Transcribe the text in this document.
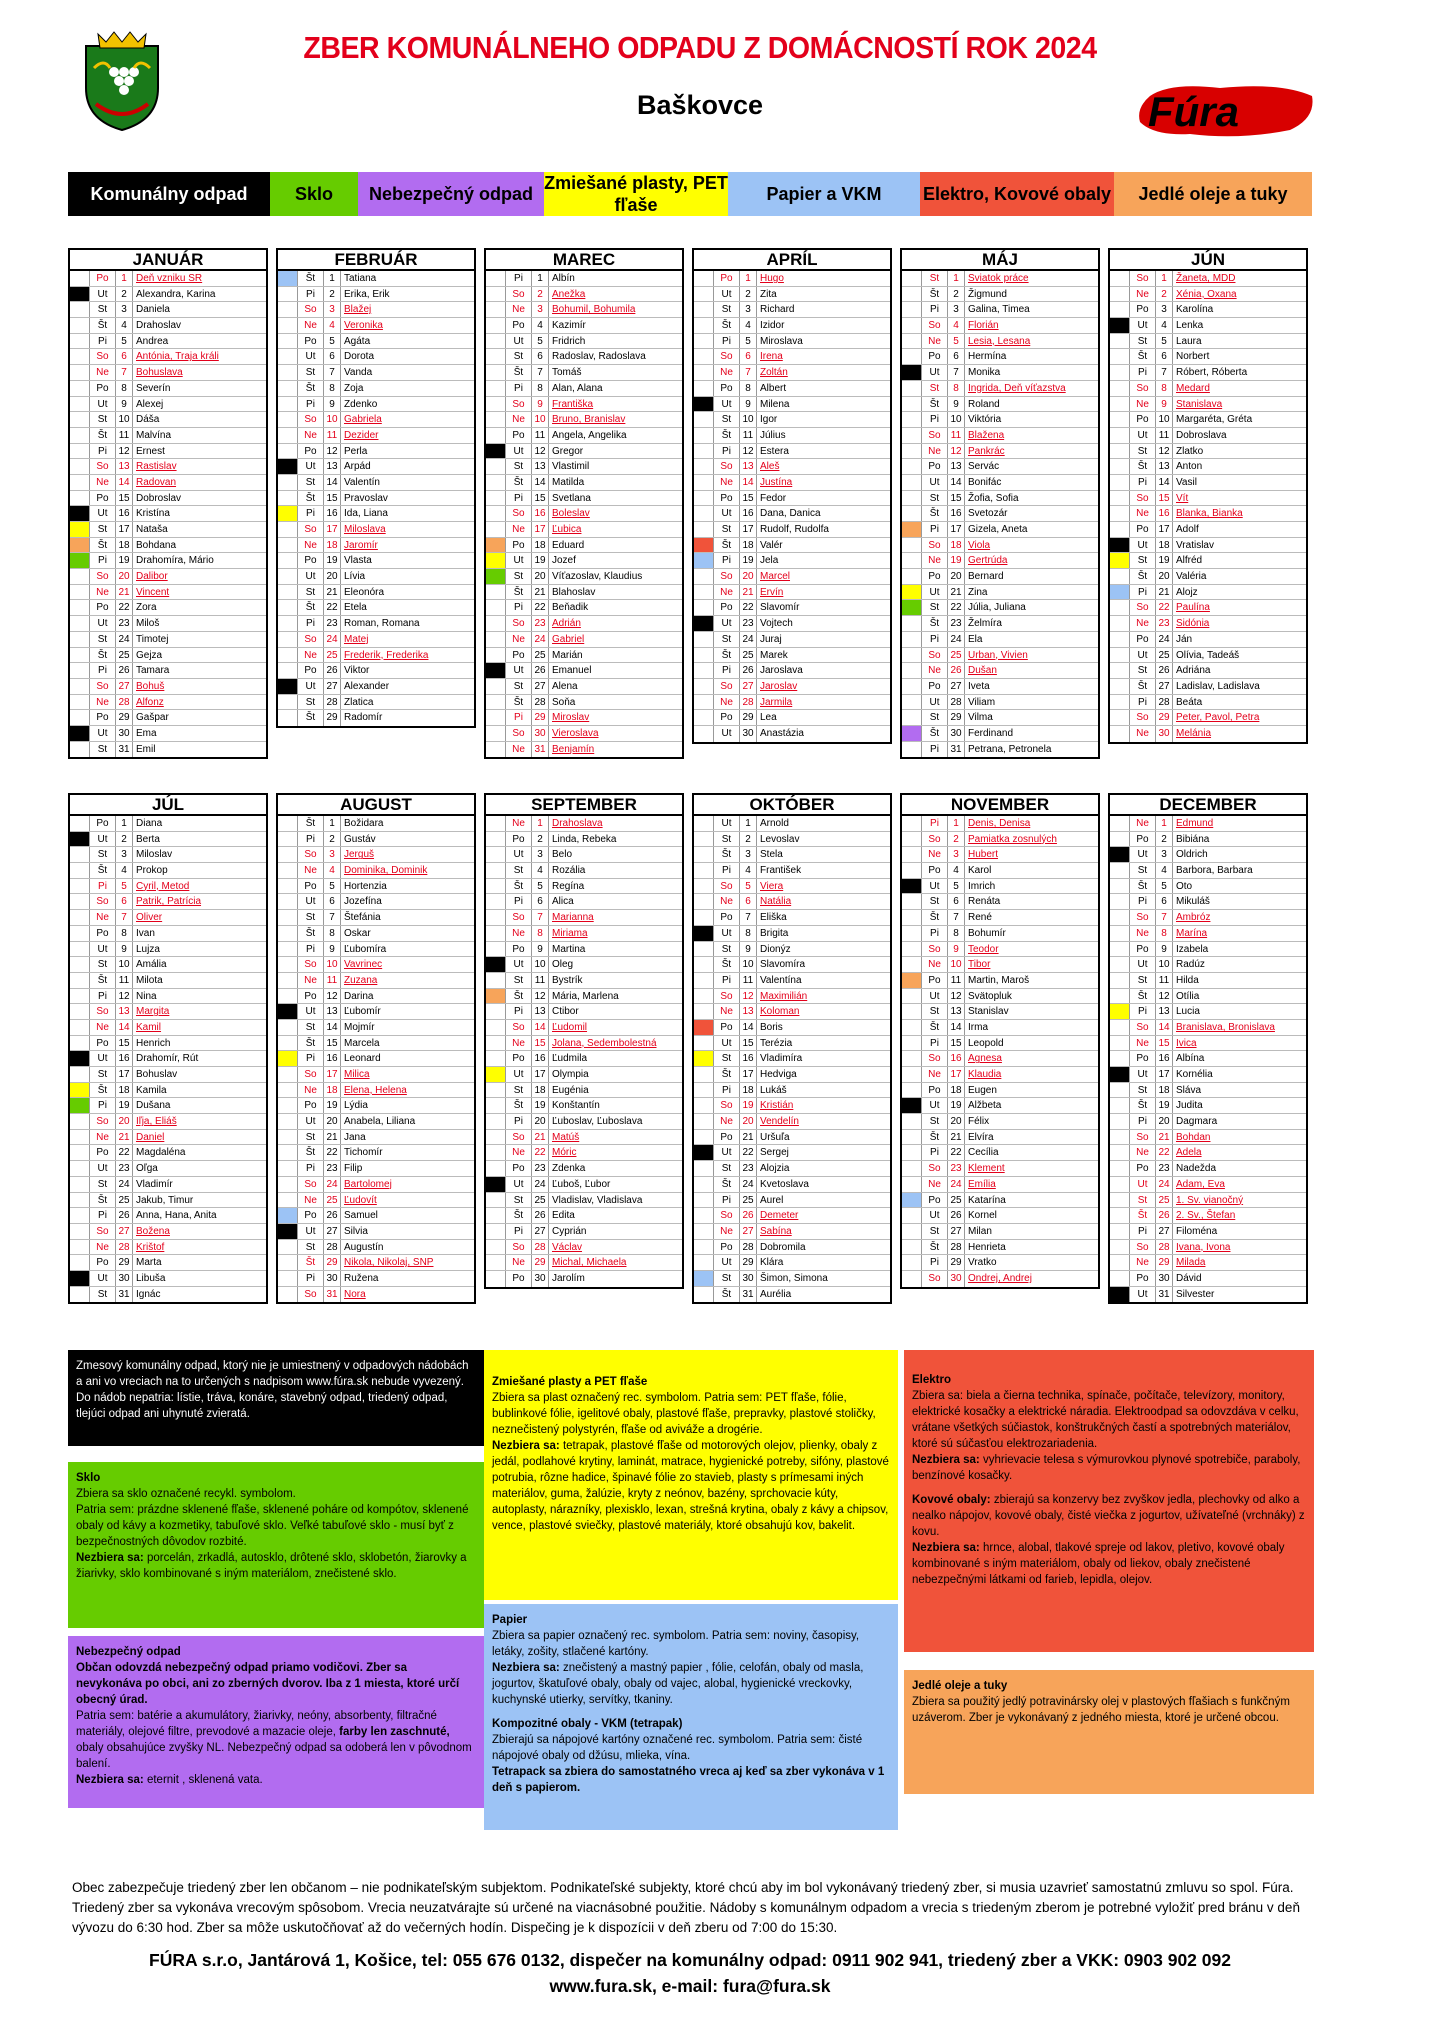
ZBER KOMUNÁLNEHO ODPADU Z DOMÁCNOSTÍ ROK 2024
Baškovce	Fúra
Komunálny odpad	Sklo	Nebezpečný odpad
Zmiešané plasty, PET fľaše
Papier a VKM	Elektro, Kovové obaly	Jedlé oleje a tuky
JANUÁR
Po	1 Deň vzniku SR
Ut	2 Alexandra, Karina
St	3 Daniela
Št	4 Drahoslav
Pi	5 Andrea
So	6 Antónia, Traja králi
Ne	7 Bohuslava
Po	8 Severín
Ut	9 Alexej
St	10 Dáša
Št	11 Malvína
Pi	12 Ernest
So 13 Rastislav
Ne 14 Radovan
Po 15 Dobroslav
Ut	16 Kristína
St	17 Nataša
Št	18 Bohdana
Pi	19 Drahomíra, Mário
So 20 Dalibor
Ne 21 Vincent
Po 22 Zora
Ut	23 Miloš
St	24 Timotej
Št	25 Gejza
Pi	26 Tamara
So 27 Bohuš
Ne 28 Alfonz
Po 29 Gašpar
Ut	30 Ema
St	31 Emil
FEBRUÁR
Št	1 Tatiana
Pi	2 Erika, Erik
So	3 Blažej
Ne	4 Veronika
Po	5 Agáta
Ut	6 Dorota
St	7 Vanda
Št	8 Zoja
Pi	9 Zdenko
So 10 Gabriela
Ne 11 Dezider
Po 12 Perla
Ut	13 Arpád
St	14 Valentín
Št	15 Pravoslav
Pi	16 Ida, Liana
So 17 Miloslava
Ne 18 Jaromír
Po 19 Vlasta
Ut	20 Lívia
St	21 Eleonóra
Št	22 Etela
Pi	23 Roman, Romana
So 24 Matej
Ne 25 Frederik, Frederika
Po 26 Viktor
Ut	27 Alexander
St	28 Zlatica
Št	29 Radomír
MAREC
Pi	1 Albín
So	2 Anežka
Ne	3 Bohumil, Bohumila
Po	4 Kazimír
Ut	5 Fridrich
St	6 Radoslav, Radoslava
Št	7 Tomáš
Pi	8 Alan, Alana
So	9 Františka
Ne 10 Bruno, Branislav
Po	11 Angela, Angelika
Ut	12 Gregor
St	13 Vlastimil
Št	14 Matilda
Pi	15 Svetlana
So 16 Boleslav
Ne 17 Ľubica
Po 18 Eduard
Ut	19 Jozef
St	20 Víťazoslav, Klaudius
Št	21 Blahoslav
Pi	22 Beňadik
So 23 Adrián
Ne 24 Gabriel
Po 25 Marián
Ut	26 Emanuel
St	27 Alena
Št	28 Soňa
Pi	29 Miroslav
So 30 Vieroslava
Ne 31 Benjamín
APRÍL
Po	1 Hugo
Ut	2 Zita
St	3 Richard
Št	4 Izidor
Pi	5 Miroslava
So	6 Irena
Ne	7 Zoltán
Po	8 Albert
Ut	9 Milena
St	10 Igor
Št	11 Július
Pi	12 Estera
So 13 Aleš
Ne 14 Justína
Po 15 Fedor
Ut	16 Dana, Danica
St	17 Rudolf, Rudolfa
Št	18 Valér
Pi	19 Jela
So 20 Marcel
Ne 21 Ervín
Po 22 Slavomír
Ut	23 Vojtech
St	24 Juraj
Št	25 Marek
Pi	26 Jaroslava
So 27 Jaroslav
Ne 28 Jarmila
Po 29 Lea
Ut	30 Anastázia
MÁJ
St	1 Sviatok práce
Št	2 Žigmund
Pi	3 Galina, Timea
So	4 Florián
Ne	5 Lesia, Lesana
Po	6 Hermína
Ut	7 Monika
St	8 Ingrida, Deň víťazstva
Št	9 Roland
Pi	10 Viktória
So	11 Blažena
Ne 12 Pankrác
Po 13 Servác
Ut	14 Bonifác
St	15 Žofia, Sofia
Št	16 Svetozár
Pi	17 Gizela, Aneta
So 18 Viola
Ne 19 Gertrúda
Po 20 Bernard
Ut	21 Zina
St	22 Júlia, Juliana
Št	23 Želmíra
Pi	24 Ela
So 25 Urban, Vivien
Ne 26 Dušan
Po 27 Iveta
Ut	28 Viliam
St	29 Vilma
Št	30 Ferdinand
Pi	31 Petrana, Petronela
JÚN
So	1 Žaneta, MDD
Ne	2 Xénia, Oxana
Po	3 Karolína
Ut	4 Lenka
St	5 Laura
Št	6 Norbert
Pi	7 Róbert, Róberta
So	8 Medard
Ne	9 Stanislava
Po 10 Margaréta, Gréta
Ut	11 Dobroslava
St	12 Zlatko
Št	13 Anton
Pi	14 Vasil
So 15 Vít
Ne 16 Blanka, Bianka
Po 17 Adolf
Ut	18 Vratislav
St	19 Alfréd
Št	20 Valéria
Pi	21 Alojz
So 22 Paulína
Ne 23 Sidónia
Po 24 Ján
Ut	25 Olívia, Tadeáš
St	26 Adriána
Št	27 Ladislav, Ladislava
Pi	28 Beáta
So 29 Peter, Pavol, Petra
Ne 30 Melánia
JÚL
Po	1 Diana
Ut	2 Berta
St	3 Miloslav
Št	4 Prokop
Pi	5 Cyril, Metod
So	6 Patrik, Patrícia
Ne	7 Oliver
Po	8 Ivan
Ut	9 Lujza
St	10 Amália
Št	11 Milota
Pi	12 Nina
So 13 Margita
Ne 14 Kamil
Po 15 Henrich
Ut	16 Drahomír, Rút
St	17 Bohuslav
Št	18 Kamila
Pi	19 Dušana
So 20 Iľja, Eliáš
Ne 21 Daniel
Po 22 Magdaléna
Ut	23 Oľga
St	24 Vladimír
Št	25 Jakub, Timur
Pi	26 Anna, Hana, Anita
So 27 Božena
Ne 28 Krištof
Po 29 Marta
Ut	30 Libuša
St	31 Ignác
AUGUST
Št	1 Božidara
Pi	2 Gustáv
So	3 Jerguš
Ne	4 Dominika, Dominik
Po	5 Hortenzia
Ut	6 Jozefína
St	7 Štefánia
Št	8 Oskar
Pi	9 Ľubomíra
So 10 Vavrinec
Ne 11 Zuzana
Po 12 Darina
Ut	13 Ľubomír
St	14 Mojmír
Št	15 Marcela
Pi	16 Leonard
So 17 Milica
Ne 18 Elena, Helena
Po 19 Lýdia
Ut	20 Anabela, Liliana
St	21 Jana
Št	22 Tichomír
Pi	23 Filip
So 24 Bartolomej
Ne 25 Ľudovít
Po 26 Samuel
Ut	27 Silvia
St	28 Augustín
Št	29 Nikola, Nikolaj, SNP
Pi	30 Ružena
So 31 Nora
SEPTEMBER
Ne	1 Drahoslava
Po	2 Linda, Rebeka
Ut	3 Belo
St	4 Rozália
Št	5 Regína
Pi	6 Alica
So	7 Marianna
Ne	8 Miriama
Po	9 Martina
Ut	10 Oleg
St	11 Bystrík
Št	12 Mária, Marlena
Pi	13 Ctibor
So 14 Ľudomil
Ne 15 Jolana, Sedembolestná
Po 16 Ľudmila
Ut	17 Olympia
St	18 Eugénia
Št	19 Konštantín
Pi	20 Ľuboslav, Ľuboslava
So 21 Matúš
Ne 22 Móric
Po 23 Zdenka
Ut	24 Ľuboš, Ľubor
St	25 Vladislav, Vladislava
Št	26 Edita
Pi	27 Cyprián
So 28 Václav
Ne 29 Michal, Michaela
Po 30 Jarolím
OKTÓBER
Ut	1 Arnold
St	2 Levoslav
Št	3 Stela
Pi	4 František
So	5 Viera
Ne	6 Natália
Po	7 Eliška
Ut	8 Brigita
St	9 Dionýz
Št	10 Slavomíra
Pi	11 Valentína
So 12 Maximilián
Ne 13 Koloman
Po 14 Boris
Ut	15 Terézia
St	16 Vladimíra
Št	17 Hedviga
Pi	18 Lukáš
So 19 Kristián
Ne 20 Vendelín
Po 21 Uršuľa
Ut	22 Sergej
St	23 Alojzia
Št	24 Kvetoslava
Pi	25 Aurel
So 26 Demeter
Ne 27 Sabína
Po 28 Dobromila
Ut	29 Klára
St	30 Šimon, Simona
Št	31 Aurélia
NOVEMBER
Pi	1 Denis, Denisa
So	2 Pamiatka zosnulých
Ne	3 Hubert
Po	4 Karol
Ut	5 Imrich
St	6 Renáta
Št	7 René
Pi	8 Bohumír
So	9 Teodor
Ne 10 Tibor
Po	11 Martin, Maroš
Ut	12 Svätopluk
St	13 Stanislav
Št	14 Irma
Pi	15 Leopold
So 16 Agnesa
Ne 17 Klaudia
Po 18 Eugen
Ut	19 Alžbeta
St	20 Félix
Št	21 Elvíra
Pi	22 Cecília
So 23 Klement
Ne 24 Emília
Po 25 Katarína
Ut	26 Kornel
St	27 Milan
Št	28 Henrieta
Pi	29 Vratko
So 30 Ondrej, Andrej
DECEMBER
Ne	1 Edmund
Po	2 Bibiána
Ut	3 Oldrich
St	4 Barbora, Barbara
Št	5 Oto
Pi	6 Mikuláš
So	7 Ambróz
Ne	8 Marína
Po	9 Izabela
Ut	10 Radúz
St	11 Hilda
Št	12 Otília
Pi	13 Lucia
So 14 Branislava, Bronislava
Ne 15 Ivica
Po 16 Albína
Ut	17 Kornélia
St	18 Sláva
Št	19 Judita
Pi	20 Dagmara
So 21 Bohdan
Ne 22 Adela
Po 23 Nadežda
Ut	24 Adam, Eva
St	25 1. Sv. vianočný
Št	26 2. Sv., Štefan
Pi	27 Filoména
So 28 Ivana, Ivona
Ne 29 Milada
Po 30 Dávid
Ut	31 Silvester
Zmesový komunálny odpad, ktorý nie je umiestnený v odpadových nádobách a ani vo vreciach na to určených s nadpisom www.fúra.sk nebude vyvezený.
Do nádob nepatria: lístie, tráva, konáre, stavebný odpad, triedený odpad, tlejúci odpad ani uhynuté zvieratá.
Sklo
Zbiera sa sklo označené recykl. symbolom.
Patria sem: prázdne sklenené fľaše, sklenené poháre od kompótov, sklenené obaly od kávy a kozmetiky, tabuľové sklo. Veľké tabuľové sklo - musí byť z bezpečnostných dôvodov rozbité.
Nezbiera sa: porcelán, zrkadlá, autosklo, drôtené sklo, sklobetón, žiarovky a žiarivky, sklo kombinované s iným materiálom, znečistené sklo.
Nebezpečný odpad
Občan odovzdá nebezpečný odpad priamo vodičovi. Zber sa nevykonáva po obci, ani zo zberných dvorov. Iba z 1 miesta, ktoré určí obecný úrad.
Patria sem: batérie a akumulátory, žiarivky, neóny, absorbenty, filtračné materiály, olejové filtre, prevodové a mazacie oleje, farby len zaschnuté, obaly obsahujúce zvyšky NL. Nebezpečný odpad sa odoberá len v pôvodnom balení.
Nezbiera sa: eternit , sklenená vata.
Zmiešané plasty a PET fľaše
Zbiera sa plast označený rec. symbolom. Patria sem: PET fľaše, fólie, bublinkové fólie, igelitové obaly, plastové fľaše, prepravky, plastové stoličky, neznečistený polystyrén, fľaše od aviváže a drogérie.
Nezbiera sa: tetrapak, plastové fľaše od motorových olejov, plienky, obaly z jedál, podlahové krytiny, laminát, matrace, hygienické potreby, sifóny, plastové potrubia, rôzne hadice, špinavé fólie zo stavieb, plasty s prímesami iných materiálov, guma, žalúzie, kryty z neónov, bazény, sprchovacie kúty, autoplasty, nárazníky, plexisklo, lexan, strešná krytina, obaly z kávy a chipsov, vence, plastové sviečky, plastové materiály, ktoré obsahujú kov, bakelit.
Papier
Zbiera sa papier označený rec. symbolom. Patria sem: noviny, časopisy, letáky, zošity, stlačené kartóny.
Nezbiera sa: znečistený a mastný papier , fólie, celofán, obaly od masla, jogurtov, škatuľové obaly, obaly od vajec, alobal, hygienické vreckovky, kuchynské utierky, servítky, tkaniny.
Kompozitné obaly - VKM (tetrapak)
Zbierajú sa nápojové kartóny označené rec. symbolom. Patria sem: čisté nápojové obaly od džúsu, mlieka, vína.
Tetrapack sa zbiera do samostatného vreca aj keď sa zber vykonáva v 1 deň s papierom.
Elektro
Zbiera sa: biela a čierna technika, spínače, počítače, televízory, monitory, elektrické kosačky a elektrické náradia. Elektroodpad sa odovzdáva v celku, vrátane všetkých súčiastok, konštrukčných častí a spotrebných materiálov, ktoré sú súčasťou elektrozariadenia.
Nezbiera sa: vyhrievacie telesa s výmurovkou plynové spotrebiče, paraboly, benzínové kosačky.
Kovové obaly: zbierajú sa konzervy bez zvyškov jedla, plechovky od alko a nealko nápojov, kovové obaly, čisté viečka z jogurtov, užívateľné (vrchnáky) z kovu.
Nezbiera sa: hrnce, alobal, tlakové spreje od lakov, pletivo, kovové obaly kombinované s iným materiálom, obaly od liekov, obaly znečistené nebezpečnými látkami od farieb, lepidla, olejov.
Jedlé oleje a tuky
Zbiera sa použitý jedlý potravinársky olej v plastových fľašiach s funkčným uzáverom. Zber je vykonávaný z jedného miesta, ktoré je určené obcou.
Obec zabezpečuje triedený zber len občanom – nie podnikateľským subjektom. Podnikateľské subjekty, ktoré chcú aby im bol vykonávaný triedený zber, si musia uzavrieť samostatnú zmluvu so spol. Fúra. Triedený zber sa vykonáva vrecovým spôsobom. Vrecia neuzatvárajte sú určené na viacnásobné použitie. Nádoby s komunálnym odpadom a vrecia s triedeným zberom je potrebné vyložiť pred bránu v deň vývozu do 6:30 hod. Zber sa môže uskutočňovať až do večerných hodín. Dispečing je k dispozícii v deň zberu od 7:00 do 15:30.
FÚRA s.r.o, Jantárová 1, Košice, tel: 055 676 0132, dispečer na komunálny odpad: 0911 902 941, triedený zber a VKK: 0903 902 092
www.fura.sk, e-mail: fura@fura.sk
